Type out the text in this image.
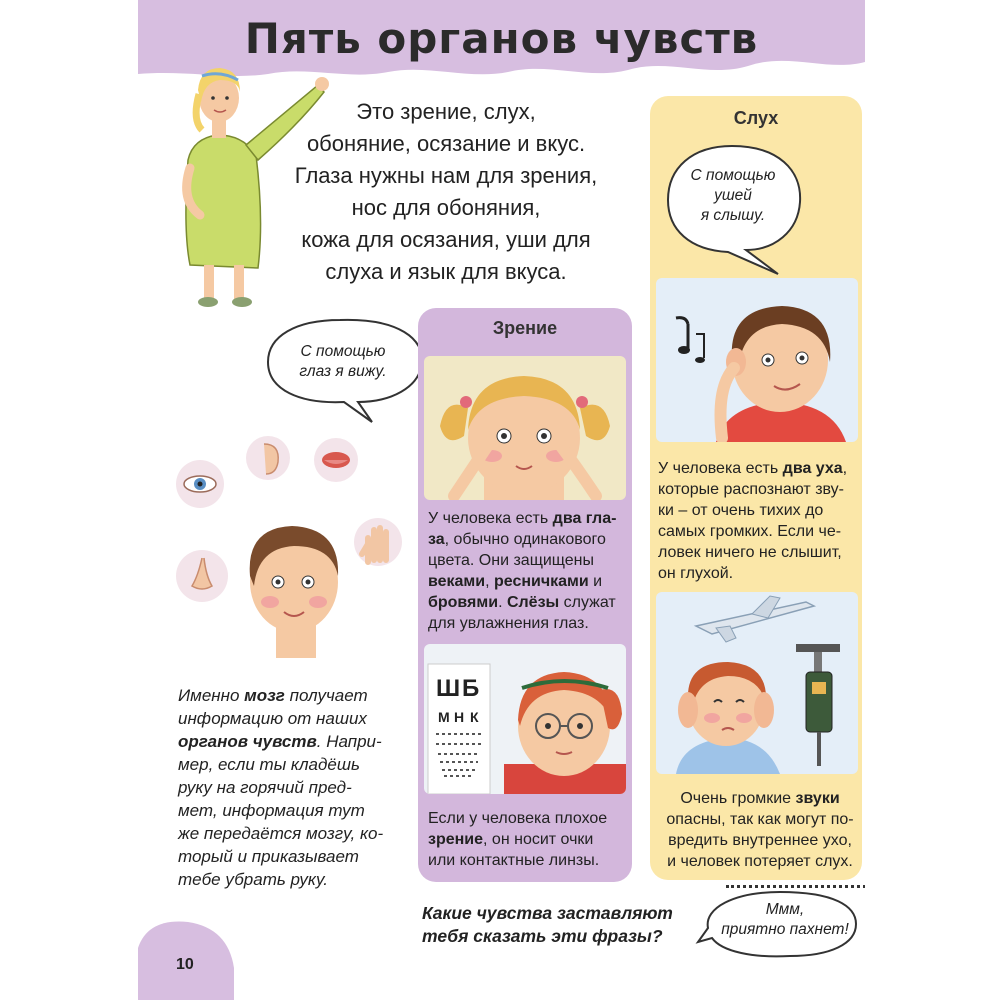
Пять органов чувств
Это зрение, слух,
обоняние, осязание и вкус.
Глаза нужны нам для зрения,
нос для обоняния,
кожа для осязания, уши для
слуха и язык для вкуса.
С помощью
глаз я вижу.
Именно мозг получает
информацию от наших
органов чувств. Напри-
мер, если ты кладёшь
руку на горячий пред-
мет, информация тут
же передаётся мозгу, ко-
торый и приказывает
тебе убрать руку.
Зрение
У человека есть два гла-
за, обычно одинакового
цвета. Они защищены
веками, ресничками и
бровями. Слёзы служат
для увлажнения глаз.
Ш Б
М Н К
Если у человека плохое
зрение, он носит очки
или контактные линзы.
Слух
С помощью
ушей
я слышу.
У человека есть два уха,
которые распознают зву-
ки – от очень тихих до
самых громких. Если че-
ловек ничего не слышит,
он глухой.
Очень громкие звуки
опасны, так как могут по-
вредить внутреннее ухо,
и человек потеряет слух.
Какие чувства заставляют
тебя сказать эти фразы?
Ммм,
приятно пахнет!
10
